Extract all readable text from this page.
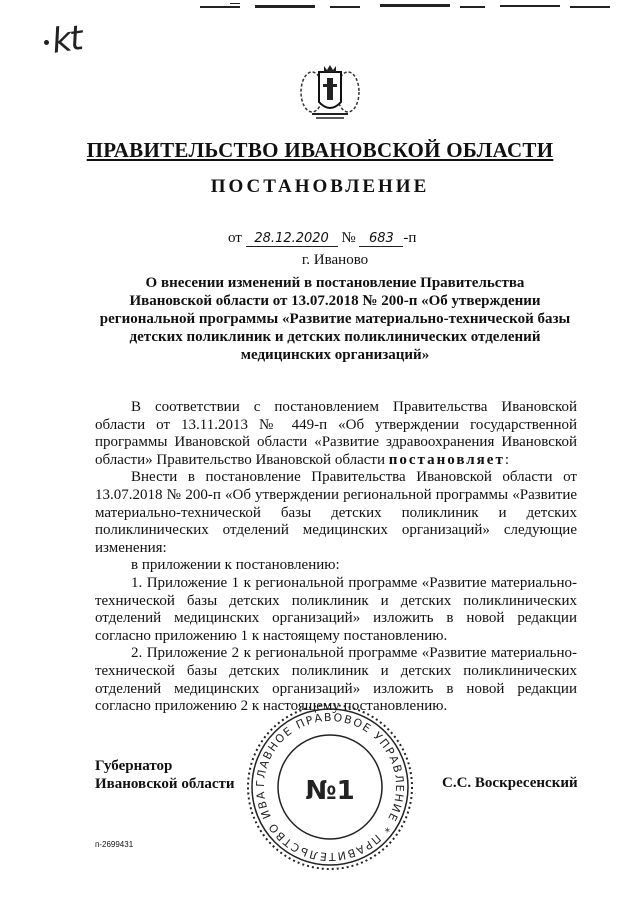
kt
ПРАВИТЕЛЬСТВО ИВАНОВСКОЙ ОБЛАСТИ
ПОСТАНОВЛЕНИЕ
от 28.12.2020 № 683 -п
г. Иваново
О внесении изменений в постановление Правительства
Ивановской области от 13.07.2018 № 200-п «Об утверждении
региональной программы «Развитие материально-технической базы
детских поликлиник и детских поликлинических отделений
медицинских организаций»

В соответствии с постановлением Правительства Ивановской области от 13.11.2013 № 449-п «Об утверждении государственной программы Ивановской области «Развитие здравоохранения Ивановской области» Правительство Ивановской области постановляет:

Внести в постановление Правительства Ивановской области от 13.07.2018 № 200-п «Об утверждении региональной программы «Развитие материально-технической базы детских поликлиник и детских поликлинических отделений медицинских организаций» следующие изменения:

в приложении к постановлению:

1. Приложение 1 к региональной программе «Развитие материально-технической базы детских поликлиник и детских поликлинических отделений медицинских организаций» изложить в новой редакции согласно приложению 1 к настоящему постановлению.

2. Приложение 2 к региональной программе «Развитие материально-технической базы детских поликлиник и детских поликлинических отделений медицинских организаций» изложить в новой редакции согласно приложению 2 к настоящему постановлению.

ГЛАВНОЕ ПРАВОВОЕ УПРАВЛЕНИЕ * ПРАВИТЕЛЬСТВО ИВА	№1
Губернатор
Ивановской области	С.С. Воскресенский
п-2699431
